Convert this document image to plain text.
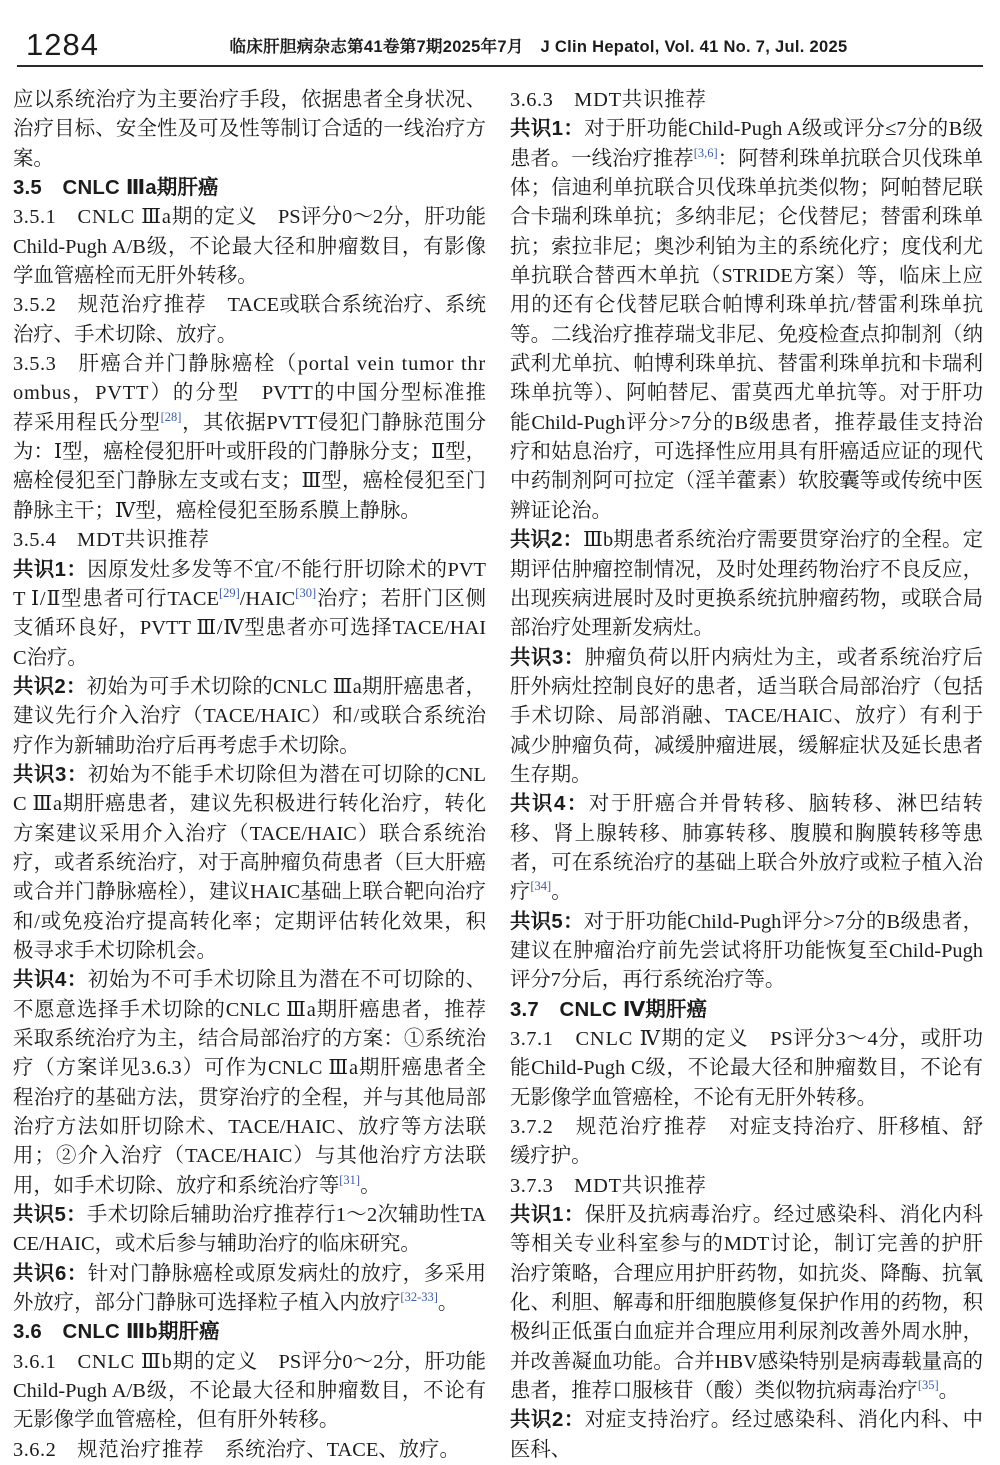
1284	临床肝胆病杂志第41卷第7期2025年7月　J Clin Hepatol, Vol. 41 No. 7, Jul. 2025

应以系统治疗为主要治疗手段，依据患者全身状况、治疗目标、安全性及可及性等制订合适的一线治疗方案。

3.5　CNLC Ⅲa期肝癌

3.5.1　CNLC Ⅲa期的定义　PS评分0～2分，肝功能Child-Pugh A/B级，不论最大径和肿瘤数目，有影像学血管癌栓而无肝外转移。

3.5.2　规范治疗推荐　TACE或联合系统治疗、系统治疗、手术切除、放疗。

3.5.3　肝癌合并门静脉癌栓（portal vein tumor thrombus，PVTT）的分型　PVTT的中国分型标准推荐采用程氏分型[28]，其依据PVTT侵犯门静脉范围分为：Ⅰ型，癌栓侵犯肝叶或肝段的门静脉分支；Ⅱ型，癌栓侵犯至门静脉左支或右支；Ⅲ型，癌栓侵犯至门静脉主干；Ⅳ型，癌栓侵犯至肠系膜上静脉。

3.5.4　MDT共识推荐

共识1：因原发灶多发等不宜/不能行肝切除术的PVTT Ⅰ/Ⅱ型患者可行TACE[29]/HAIC[30]治疗；若肝门区侧支循环良好，PVTT Ⅲ/Ⅳ型患者亦可选择TACE/HAIC治疗。

共识2：初始为可手术切除的CNLC Ⅲa期肝癌患者，建议先行介入治疗（TACE/HAIC）和/或联合系统治疗作为新辅助治疗后再考虑手术切除。

共识3：初始为不能手术切除但为潜在可切除的CNLC Ⅲa期肝癌患者，建议先积极进行转化治疗，转化方案建议采用介入治疗（TACE/HAIC）联合系统治疗，或者系统治疗，对于高肿瘤负荷患者（巨大肝癌或合并门静脉癌栓），建议HAIC基础上联合靶向治疗和/或免疫治疗提高转化率；定期评估转化效果，积极寻求手术切除机会。

共识4：初始为不可手术切除且为潜在不可切除的、不愿意选择手术切除的CNLC Ⅲa期肝癌患者，推荐采取系统治疗为主，结合局部治疗的方案：①系统治疗（方案详见3.6.3）可作为CNLC Ⅲa期肝癌患者全程治疗的基础方法，贯穿治疗的全程，并与其他局部治疗方法如肝切除术、TACE/HAIC、放疗等方法联用；②介入治疗（TACE/HAIC）与其他治疗方法联用，如手术切除、放疗和系统治疗等[31]。

共识5：手术切除后辅助治疗推荐行1～2次辅助性TACE/HAIC，或术后参与辅助治疗的临床研究。

共识6：针对门静脉癌栓或原发病灶的放疗，多采用外放疗，部分门静脉可选择粒子植入内放疗[32-33]。

3.6　CNLC Ⅲb期肝癌

3.6.1　CNLC Ⅲb期的定义　PS评分0～2分，肝功能Child-Pugh A/B级，不论最大径和肿瘤数目，不论有无影像学血管癌栓，但有肝外转移。

3.6.2　规范治疗推荐　系统治疗、TACE、放疗。

3.6.3　MDT共识推荐

共识1：对于肝功能Child-Pugh A级或评分≤7分的B级患者。一线治疗推荐[3,6]：阿替利珠单抗联合贝伐珠单体；信迪利单抗联合贝伐珠单抗类似物；阿帕替尼联合卡瑞利珠单抗；多纳非尼；仑伐替尼；替雷利珠单抗；索拉非尼；奥沙利铂为主的系统化疗；度伐利尤单抗联合替西木单抗（STRIDE方案）等，临床上应用的还有仑伐替尼联合帕博利珠单抗/替雷利珠单抗等。二线治疗推荐瑞戈非尼、免疫检查点抑制剂（纳武利尤单抗、帕博利珠单抗、替雷利珠单抗和卡瑞利珠单抗等）、阿帕替尼、雷莫西尤单抗等。对于肝功能Child-Pugh评分>7分的B级患者，推荐最佳支持治疗和姑息治疗，可选择性应用具有肝癌适应证的现代中药制剂阿可拉定（淫羊藿素）软胶囊等或传统中医辨证论治。

共识2：Ⅲb期患者系统治疗需要贯穿治疗的全程。定期评估肿瘤控制情况，及时处理药物治疗不良反应，出现疾病进展时及时更换系统抗肿瘤药物，或联合局部治疗处理新发病灶。

共识3：肿瘤负荷以肝内病灶为主，或者系统治疗后肝外病灶控制良好的患者，适当联合局部治疗（包括手术切除、局部消融、TACE/HAIC、放疗）有利于减少肿瘤负荷，减缓肿瘤进展，缓解症状及延长患者生存期。

共识4：对于肝癌合并骨转移、脑转移、淋巴结转移、肾上腺转移、肺寡转移、腹膜和胸膜转移等患者，可在系统治疗的基础上联合外放疗或粒子植入治疗[34]。

共识5：对于肝功能Child-Pugh评分>7分的B级患者，建议在肿瘤治疗前先尝试将肝功能恢复至Child-Pugh评分7分后，再行系统治疗等。

3.7　CNLC Ⅳ期肝癌

3.7.1　CNLC Ⅳ期的定义　PS评分3～4分，或肝功能Child-Pugh C级，不论最大径和肿瘤数目，不论有无影像学血管癌栓，不论有无肝外转移。

3.7.2　规范治疗推荐　对症支持治疗、肝移植、舒缓疗护。

3.7.3　MDT共识推荐

共识1：保肝及抗病毒治疗。经过感染科、消化内科等相关专业科室参与的MDT讨论，制订完善的护肝治疗策略，合理应用护肝药物，如抗炎、降酶、抗氧化、利胆、解毒和肝细胞膜修复保护作用的药物，积极纠正低蛋白血症并合理应用利尿剂改善外周水肿，并改善凝血功能。合并HBV感染特别是病毒载量高的患者，推荐口服核苷（酸）类似物抗病毒治疗[35]。

共识2：对症支持治疗。经过感染科、消化内科、中医科、
